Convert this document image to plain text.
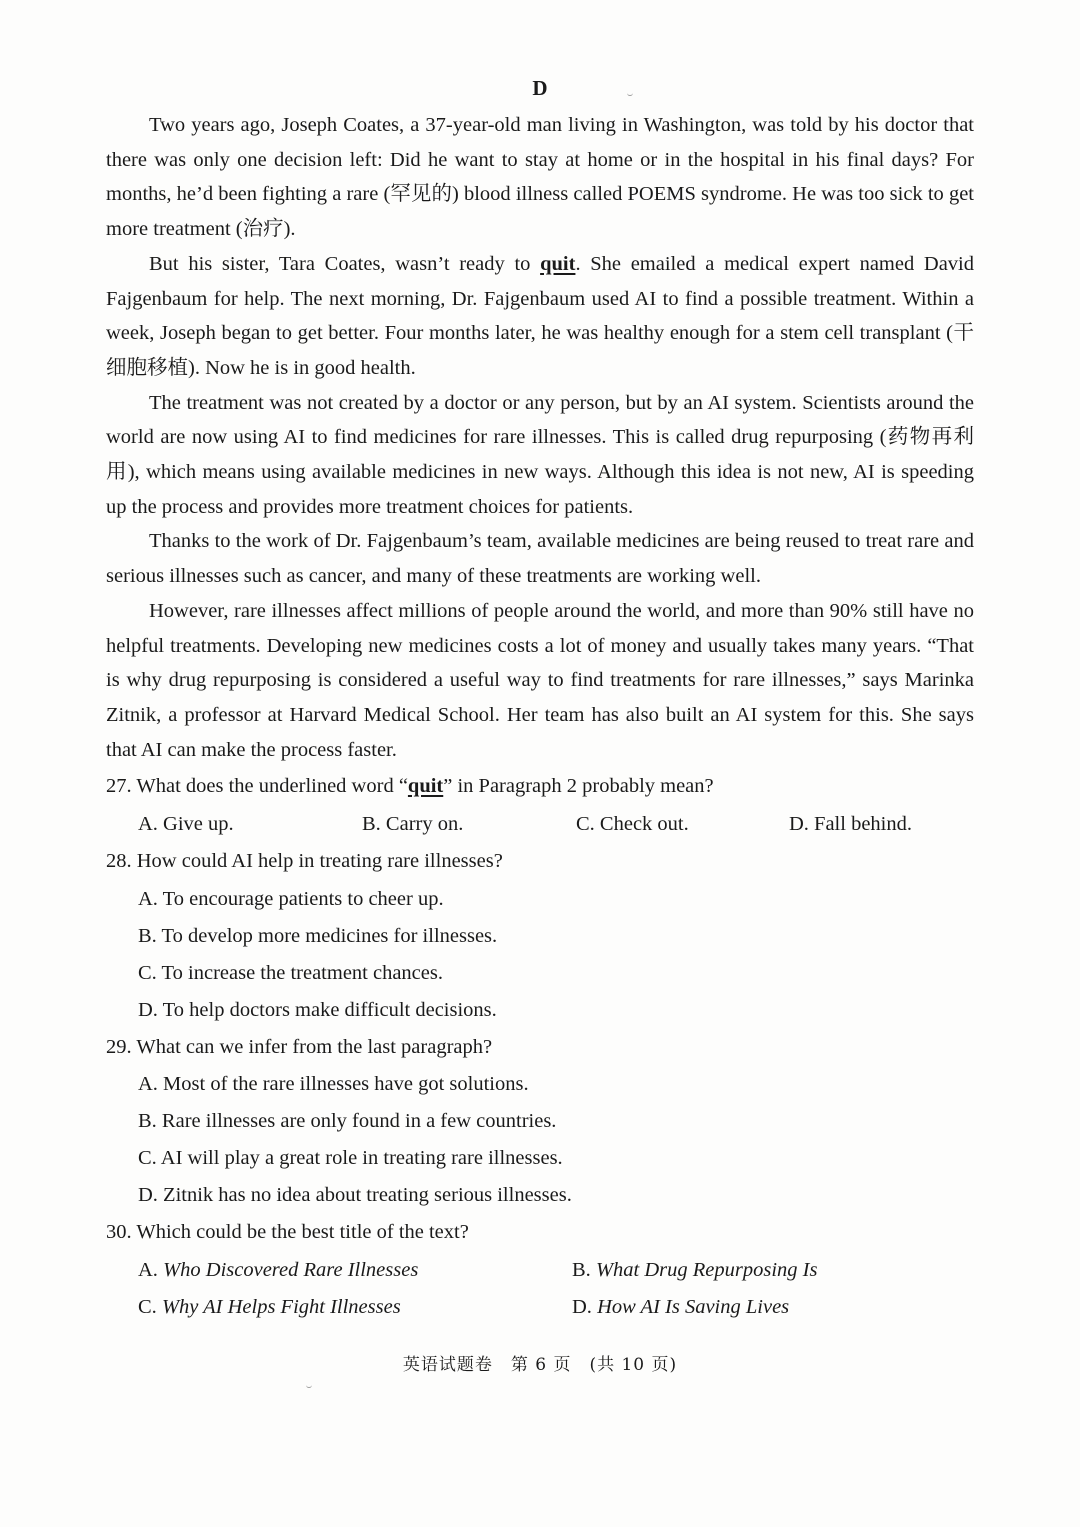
D

Two years ago, Joseph Coates, a 37-year-old man living in Washington, was told by his doctor that there was only one decision left: Did he want to stay at home or in the hospital in his final days? For months, he’d been fighting a rare (罕见的) blood illness called POEMS syndrome. He was too sick to get more treatment (治疗).

But his sister, Tara Coates, wasn’t ready to quit. She emailed a medical expert named David Fajgenbaum for help. The next morning, Dr. Fajgenbaum used AI to find a possible treatment. Within a week, Joseph began to get better. Four months later, he was healthy enough for a stem cell transplant (干细胞移植). Now he is in good health.

The treatment was not created by a doctor or any person, but by an AI system. Scientists around the world are now using AI to find medicines for rare illnesses. This is called drug repurposing (药物再利用), which means using available medicines in new ways. Although this idea is not new, AI is speeding up the process and provides more treatment choices for patients.

Thanks to the work of Dr. Fajgenbaum’s team, available medicines are being reused to treat rare and serious illnesses such as cancer, and many of these treatments are working well.

However, rare illnesses affect millions of people around the world, and more than 90% still have no helpful treatments. Developing new medicines costs a lot of money and usually takes many years. “That is why drug repurposing is considered a useful way to find treatments for rare illnesses,” says Marinka Zitnik, a professor at Harvard Medical School. Her team has also built an AI system for this. She says that AI can make the process faster.

27. What does the underlined word “quit” in Paragraph 2 probably mean?
A. Give up.	B. Carry on.	C. Check out.	D. Fall behind.
28. How could AI help in treating rare illnesses?
A. To encourage patients to cheer up.
B. To develop more medicines for illnesses.
C. To increase the treatment chances.
D. To help doctors make difficult decisions.
29. What can we infer from the last paragraph?
A. Most of the rare illnesses have got solutions.
B. Rare illnesses are only found in a few countries.
C. AI will play a great role in treating rare illnesses.
D. Zitnik has no idea about treating serious illnesses.
30. Which could be the best title of the text?
A. Who Discovered Rare Illnesses	B. What Drug Repurposing Is
C. Why AI Helps Fight Illnesses	D. How AI Is Saving Lives
英语试题卷　第 6 页　(共 10 页)
